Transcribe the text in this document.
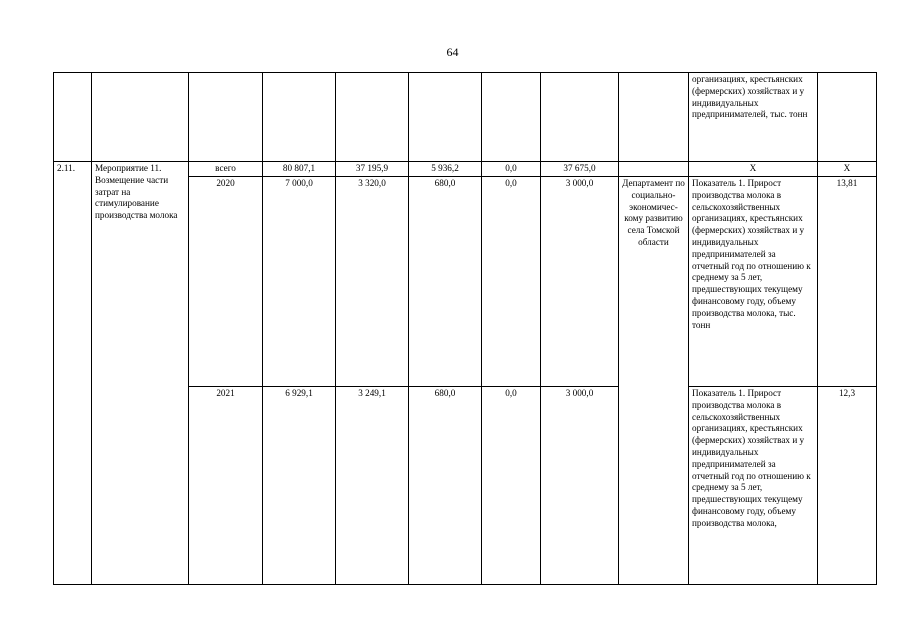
64
									организациях, крестьянских (фермерских) хозяйствах и у индивидуальных предпринимателей, тыс. тонн	
2.11.	Мероприятие 11. Возмещение части затрат на стимулирование производства молока	всего	80 807,1	37 195,9	5 936,2	0,0	37 675,0		Х	Х
		2020	7 000,0	3 320,0	680,0	0,0	3 000,0	Департамент по социально-экономичес-кому развитию села Томской области	Показатель 1. Прирост производства молока в сельскохозяйственных организациях, крестьянских (фермерских) хозяйствах и у индивидуальных предпринимателей за отчетный год по отношению к среднему за 5 лет, предшествующих текущему финансовому году, объему производства молока, тыс. тонн	13,81
		2021	6 929,1	3 249,1	680,0	0,0	3 000,0		Показатель 1. Прирост производства молока в сельскохозяйственных организациях, крестьянских (фермерских) хозяйствах и у индивидуальных предпринимателей за отчетный год по отношению к среднему за 5 лет, предшествующих текущему финансовому году, объему производства молока,	12,3
